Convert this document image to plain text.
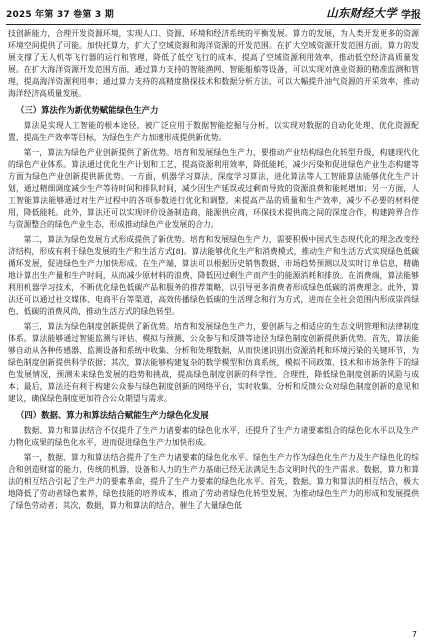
2025 年第 37 卷第 3 期	山东财经大学 学报

技创新能力，合理开发资源环境，实现人口、资源、环境和经济系统的平衡发展。算力的发展，为人类开发更多的资源环境空间提供了可能。加快托算力，扩大了空域资源和海洋资源的开发范围。在扩大空域资源开发范围方面，算力的发展支撑了无人机等飞行器的运行和管理，降低了低空飞行的成本，提高了空域资源利用效率，推动低空经济高质量发展。在扩大海洋资源开发范围方面，通过算力支持的智能渔网、智能船舶等设备，可以实现对渔业资源的精准监测和管理，提高海洋资源利用率；通过算力支持的高精度勘探技术和数据分析方法，可以大幅提升油气资源的开采效率，推动海洋经济高质量发展。

（三）算法作为新优势赋能绿色生产力

算法是实现人工智能的根本途径，被广泛应用于数据智能挖掘与分析，以实现对数据的自动化处理、优化资源配置、提高生产效率等目标，为绿色生产力加速形成提供新优势。

第一，算法为绿色产业创新提供了新优势。培育和发展绿色生产力，要推动产业结构绿色化转型升级，构建现代化的绿色产业体系。算法通过优化生产计划和工艺，提高资源利用效率，降低能耗，减少污染和促进绿色产业生态构建等方面为绿色产业创新提供新优势。一方面，机器学习算法、深度学习算法，进化算法等人工智能算法能够优化生产计划，通过精细调度减少生产等待时间和排队时间，减少因生产延误或过剩而导致的资源浪费和能耗增加；另一方面，人工智能算法能够通过对生产过程中的各项参数进行优化和调整，来提高产品的质量和生产效率，减少不必要的材料使用，降低能耗。此外，算法还可以实现评价设备制造商，能源供应商，环保技术提供商之间的深度合作，构建跨界合作与资源整合的绿色产业生态，形成推动绿色产业发展的合力。

第二，算法为绿色发展方式形成提供了新优势。培育和发展绿色生产力，需要积极中国式生态现代化的理念改变经济结构，形成有利于绿色发展的生产和生活方式[8]。算法能够优化生产和消费模式，推动生产和生活方式实现绿色低碳循环发展，促进绿色生产力加快形成。在生产端，算法可以根据历史销售数据、市场趋势预测以及实时订单信息，精确地计算出生产量和生产时间，从而减少原材料的浪费，降低因过剩生产而产生的能源消耗和排放。在消费端，算法能够利用机器学习技术，不断优化绿色低碳产品和服务的推荐策略，以引导更多消费者形成绿色低碳的消费理念。此外，算法还可以通过社交媒体、电商平台等渠道，高效传播绿色低碳的生活理念和行为方式，进而在全社会范围内形成崇尚绿色、低碳的消费风尚，推动生活方式的绿色转型。

第三，算法为绿色制度创新提供了新优势。培育和发展绿色生产力，要创新与之相适应的生态文明管理和法律制度体系。算法能够通过智能监测与评估、模拟与预测、公众参与和反馈等途径为绿色制度创新提供新优势。首先，算法能够自动从各种传感器、监测设备和系统中收集、分析和处理数据，从而快速识别出资源消耗和环境污染的关键环节，为绿色制度创新提供科学依据；其次，算法能够构建复杂的数学模型和仿真系统，模拟不同政策、技术和市场条件下的绿色发展情况，预测未来绿色发展的趋势和挑战，提高绿色制度创新的科学性、合理性，降低绿色制度创新的风险与成本；最后，算法还有利于构建公众参与绿色制度创新的网络平台，实时收集、分析和反馈公众对绿色制度创新的意见和建议，确保绿色制度更加符合公众期望与需求。

（四）数据、算力和算法结合赋能生产力绿色化发展

数据、算力和算法结合不仅提升了生产力诸要素的绿色化水平，还提升了生产力诸要素组合的绿色化水平以及生产力物化成果的绿色化水平，进而促进绿色生产力加快形成。

第一，数据、算力和算法结合提升了生产力诸要素的绿色化水平。绿色生产力作为绿色化生产力及生产绿色化的综合和创造财富的能力，传统的机器，设备和人力的生产力基础已经无法满足生态文明时代的生产需求。数据，算力和算法的相互结合引起了生产力的要素革命，提升了生产力要素的绿色化水平。首先，数据、算力和算法的相互结合，极大地降低了劳动者绿色素养，绿色技能的培养成本，推动了劳动者绿色化转型发展，为推动绿色生产力的形成和发展提供了绿色劳动者；其次，数据，算力和算法的结合，催生了大量绿色低

7
